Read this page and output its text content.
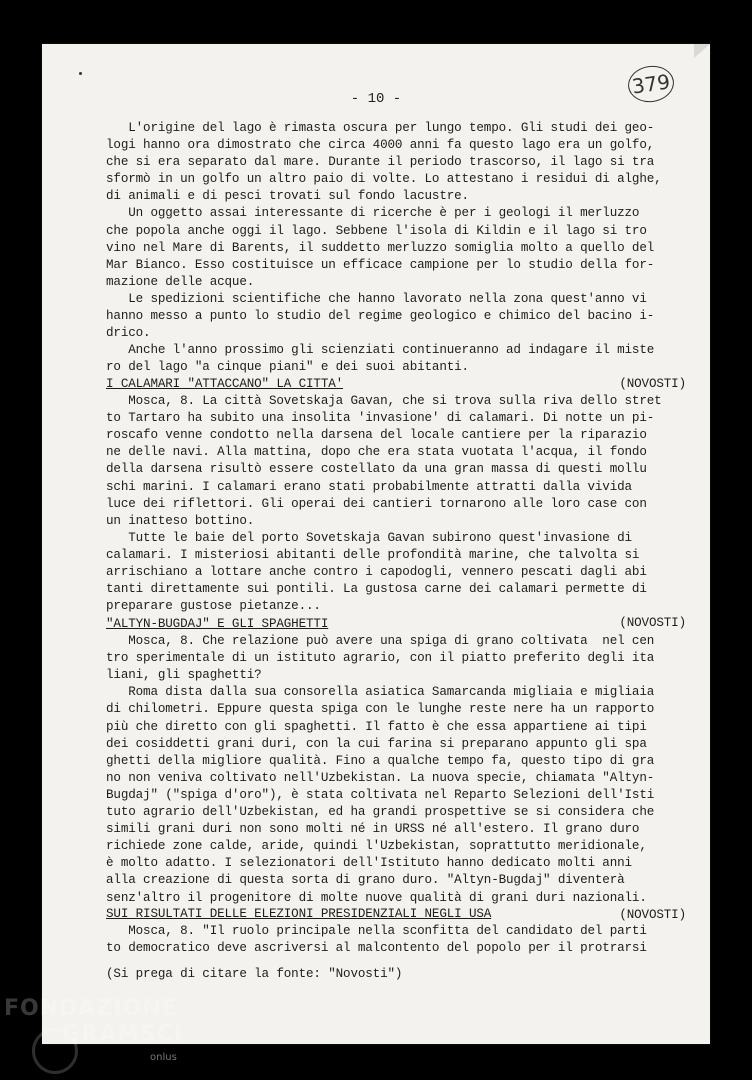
379
- 10 -

L'origine del lago è rimasta oscura per lungo tempo. Gli studi dei geo-

logi hanno ora dimostrato che circa 4000 anni fa questo lago era un golfo,

che si era separato dal mare. Durante il periodo trascorso, il lago si tra

sformò in un golfo un altro paio di volte. Lo attestano i residui di alghe,

di animali e di pesci trovati sul fondo lacustre.

Un oggetto assai interessante di ricerche è per i geologi il merluzzo

che popola anche oggi il lago. Sebbene l'isola di Kildin e il lago si tro

vino nel Mare di Barents, il suddetto merluzzo somiglia molto a quello del

Mar Bianco. Esso costituisce un efficace campione per lo studio della for-

mazione delle acque.

Le spedizioni scientifiche che hanno lavorato nella zona quest'anno vi

hanno messo a punto lo studio del regime geologico e chimico del bacino i-

drico.

Anche l'anno prossimo gli scienziati continueranno ad indagare il miste

ro del lago "a cinque piani" e dei suoi abitanti.

(NOVOSTI)

I CALAMARI "ATTACCANO" LA CITTA'

Mosca, 8. La città Sovetskaja Gavan, che si trova sulla riva dello stret

to Tartaro ha subito una insolita 'invasione' di calamari. Di notte un pi-

roscafo venne condotto nella darsena del locale cantiere per la riparazio

ne delle navi. Alla mattina, dopo che era stata vuotata l'acqua, il fondo

della darsena risultò essere costellato da una gran massa di questi mollu

schi marini. I calamari erano stati probabilmente attratti dalla vivida

luce dei riflettori. Gli operai dei cantieri tornarono alle loro case con

un inatteso bottino.

Tutte le baie del porto Sovetskaja Gavan subirono quest'invasione di

calamari. I misteriosi abitanti delle profondità marine, che talvolta si

arrischiano a lottare anche contro i capodogli, vennero pescati dagli abi

tanti direttamente sui pontili. La gustosa carne dei calamari permette di

preparare gustose pietanze...

(NOVOSTI)

"ALTYN-BUGDAJ" E GLI SPAGHETTI

Mosca, 8. Che relazione può avere una spiga di grano coltivata  nel cen

tro sperimentale di un istituto agrario, con il piatto preferito degli ita

liani, gli spaghetti?

Roma dista dalla sua consorella asiatica Samarcanda migliaia e migliaia

di chilometri. Eppure questa spiga con le lunghe reste nere ha un rapporto

più che diretto con gli spaghetti. Il fatto è che essa appartiene ai tipi

dei cosiddetti grani duri, con la cui farina si preparano appunto gli spa

ghetti della migliore qualità. Fino a qualche tempo fa, questo tipo di gra

no non veniva coltivato nell'Uzbekistan. La nuova specie, chiamata "Altyn-

Bugdaj" ("spiga d'oro"), è stata coltivata nel Reparto Selezioni dell'Isti

tuto agrario dell'Uzbekistan, ed ha grandi prospettive se si considera che

simili grani duri non sono molti né in URSS né all'estero. Il grano duro

richiede zone calde, aride, quindi l'Uzbekistan, soprattutto meridionale,

è molto adatto. I selezionatori dell'Istituto hanno dedicato molti anni

alla creazione di questa sorta di grano duro. "Altyn-Bugdaj" diventerà

senz'altro il progenitore di molte nuove qualità di grani duri nazionali.

(NOVOSTI)

SUI RISULTATI DELLE ELEZIONI PRESIDENZIALI NEGLI USA

Mosca, 8. "Il ruolo principale nella sconfitta del candidato del parti

to democratico deve ascriversi al malcontento del popolo per il protrarsi

(Si prega di citare la fonte: "Novosti")

FONDAZIONE
GRAMSCI
onlus
